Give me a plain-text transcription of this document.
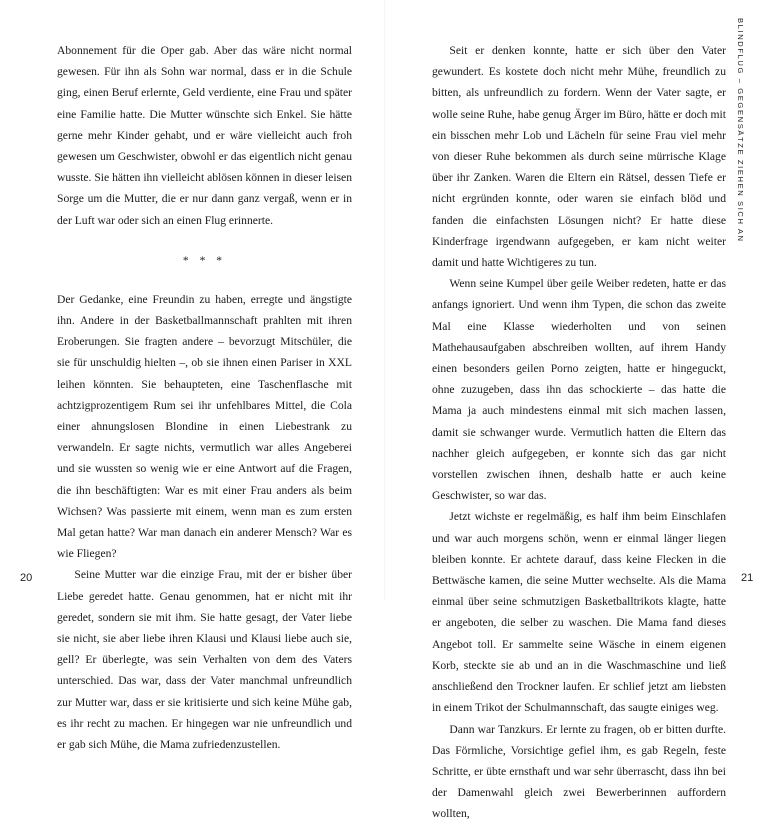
Abonnement für die Oper gab. Aber das wäre nicht normal gewesen. Für ihn als Sohn war normal, dass er in die Schule ging, einen Beruf erlernte, Geld verdiente, eine Frau und später eine Familie hatte. Die Mutter wünschte sich Enkel. Sie hätte gerne mehr Kinder gehabt, und er wäre vielleicht auch froh gewesen um Geschwister, obwohl er das eigentlich nicht genau wusste. Sie hätten ihn vielleicht ablösen können in dieser leisen Sorge um die Mutter, die er nur dann ganz vergaß, wenn er in der Luft war oder sich an einen Flug erinnerte.

* * *

Der Gedanke, eine Freundin zu haben, erregte und ängstigte ihn. Andere in der Basketballmannschaft prahlten mit ihren Eroberungen. Sie fragten andere – bevorzugt Mitschüler, die sie für unschuldig hielten –, ob sie ihnen einen Pariser in XXL leihen könnten. Sie behaupteten, eine Taschenflasche mit achtzigprozentigem Rum sei ihr unfehlbares Mittel, die Cola einer ahnungslosen Blondine in einen Liebestrank zu verwandeln. Er sagte nichts, vermutlich war alles Angeberei und sie wussten so wenig wie er eine Antwort auf die Fragen, die ihn beschäftigten: War es mit einer Frau anders als beim Wichsen? Was passierte mit einem, wenn man es zum ersten Mal getan hatte? War man danach ein anderer Mensch? War es wie Fliegen?

Seine Mutter war die einzige Frau, mit der er bisher über Liebe geredet hatte. Genau genommen, hat er nicht mit ihr geredet, sondern sie mit ihm. Sie hatte gesagt, der Vater liebe sie nicht, sie aber liebe ihren Klausi und Klausi liebe auch sie, gell? Er überlegte, was sein Verhalten von dem des Vaters unterschied. Das war, dass der Vater manchmal unfreundlich zur Mutter war, dass er sie kritisierte und sich keine Mühe gab, es ihr recht zu machen. Er hingegen war nie unfreundlich und er gab sich Mühe, die Mama zufriedenzustellen.

Seit er denken konnte, hatte er sich über den Vater gewundert. Es kostete doch nicht mehr Mühe, freundlich zu bitten, als unfreundlich zu fordern. Wenn der Vater sagte, er wolle seine Ruhe, habe genug Ärger im Büro, hätte er doch mit ein bisschen mehr Lob und Lächeln für seine Frau viel mehr von dieser Ruhe bekommen als durch seine mürrische Klage über ihr Zanken. Waren die Eltern ein Rätsel, dessen Tiefe er nicht ergründen konnte, oder waren sie einfach blöd und fanden die einfachsten Lösungen nicht? Er hatte diese Kinderfrage irgendwann aufgegeben, er kam nicht weiter damit und hatte Wichtigeres zu tun.

Wenn seine Kumpel über geile Weiber redeten, hatte er das anfangs ignoriert. Und wenn ihm Typen, die schon das zweite Mal eine Klasse wiederholten und von seinen Mathehausaufgaben abschreiben wollten, auf ihrem Handy einen besonders geilen Porno zeigten, hatte er hingeguckt, ohne zuzugeben, dass ihn das schockierte – das hatte die Mama ja auch mindestens einmal mit sich machen lassen, damit sie schwanger wurde. Vermutlich hatten die Eltern das nachher gleich aufgegeben, er konnte sich das gar nicht vorstellen zwischen ihnen, deshalb hatte er auch keine Geschwister, so war das.

Jetzt wichste er regelmäßig, es half ihm beim Einschlafen und war auch morgens schön, wenn er einmal länger liegen bleiben konnte. Er achtete darauf, dass keine Flecken in die Bettwäsche kamen, die seine Mutter wechselte. Als die Mama einmal über seine schmutzigen Basketballtrikots klagte, hatte er angeboten, die selber zu waschen. Die Mama fand dieses Angebot toll. Er sammelte seine Wäsche in einem eigenen Korb, steckte sie ab und an in die Waschmaschine und ließ anschließend den Trockner laufen. Er schlief jetzt am liebsten in einem Trikot der Schulmannschaft, das saugte einiges weg.

Dann war Tanzkurs. Er lernte zu fragen, ob er bitten durfte. Das Förmliche, Vorsichtige gefiel ihm, es gab Regeln, feste Schritte, er übte ernsthaft und war sehr überrascht, dass ihn bei der Damenwahl gleich zwei Bewerberinnen auffordern wollten,

BLINDFLUG – GEGENSÄTZE ZIEHEN SICH AN
20	21
